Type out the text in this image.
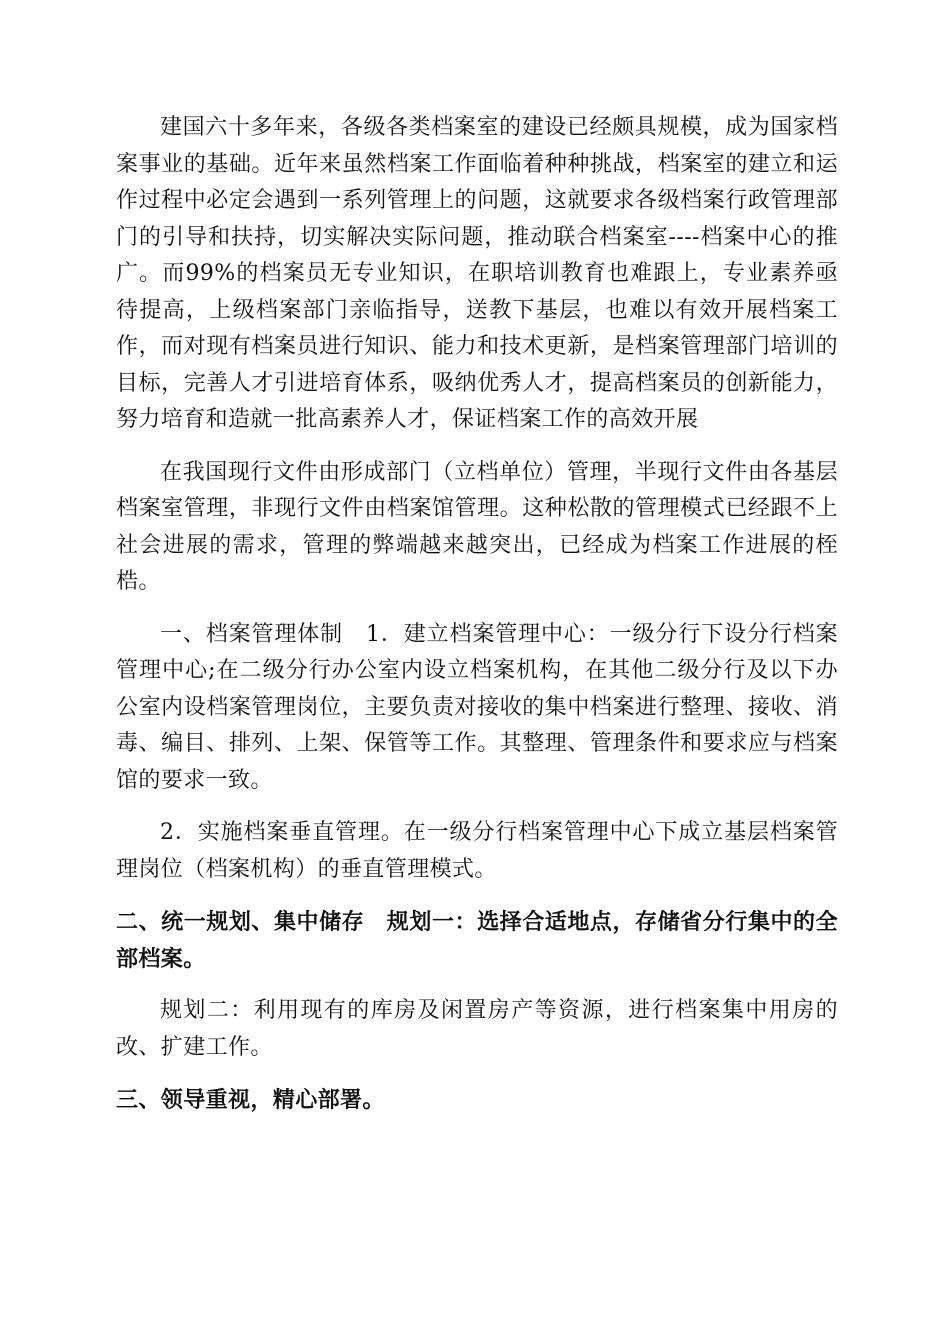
建国六十多年来，各级各类档案室的建设已经颇具规模，成为国家档案事业的基础。近年来虽然档案工作面临着种种挑战，档案室的建立和运作过程中必定会遇到一系列管理上的问题，这就要求各级档案行政管理部门的引导和扶持，切实解决实际问题，推动联合档案室----档案中心的推广。而99%的档案员无专业知识，在职培训教育也难跟上，专业素养亟待提高，上级档案部门亲临指导，送教下基层，也难以有效开展档案工作，而对现有档案员进行知识、能力和技术更新，是档案管理部门培训的目标，完善人才引进培育体系，吸纳优秀人才，提高档案员的创新能力，努力培育和造就一批高素养人才，保证档案工作的高效开展

在我国现行文件由形成部门（立档单位）管理，半现行文件由各基层档案室管理，非现行文件由档案馆管理。这种松散的管理模式已经跟不上社会进展的需求，管理的弊端越来越突出，已经成为档案工作进展的桎梏。

一、档案管理体制　1．建立档案管理中心：一级分行下设分行档案管理中心;在二级分行办公室内设立档案机构，在其他二级分行及以下办公室内设档案管理岗位，主要负责对接收的集中档案进行整理、接收、消毒、编目、排列、上架、保管等工作。其整理、管理条件和要求应与档案馆的要求一致。

2．实施档案垂直管理。在一级分行档案管理中心下成立基层档案管理岗位（档案机构）的垂直管理模式。

二、统一规划、集中储存　规划一：选择合适地点，存储省分行集中的全部档案。

规划二：利用现有的库房及闲置房产等资源，进行档案集中用房的改、扩建工作。

三、领导重视，精心部署。
